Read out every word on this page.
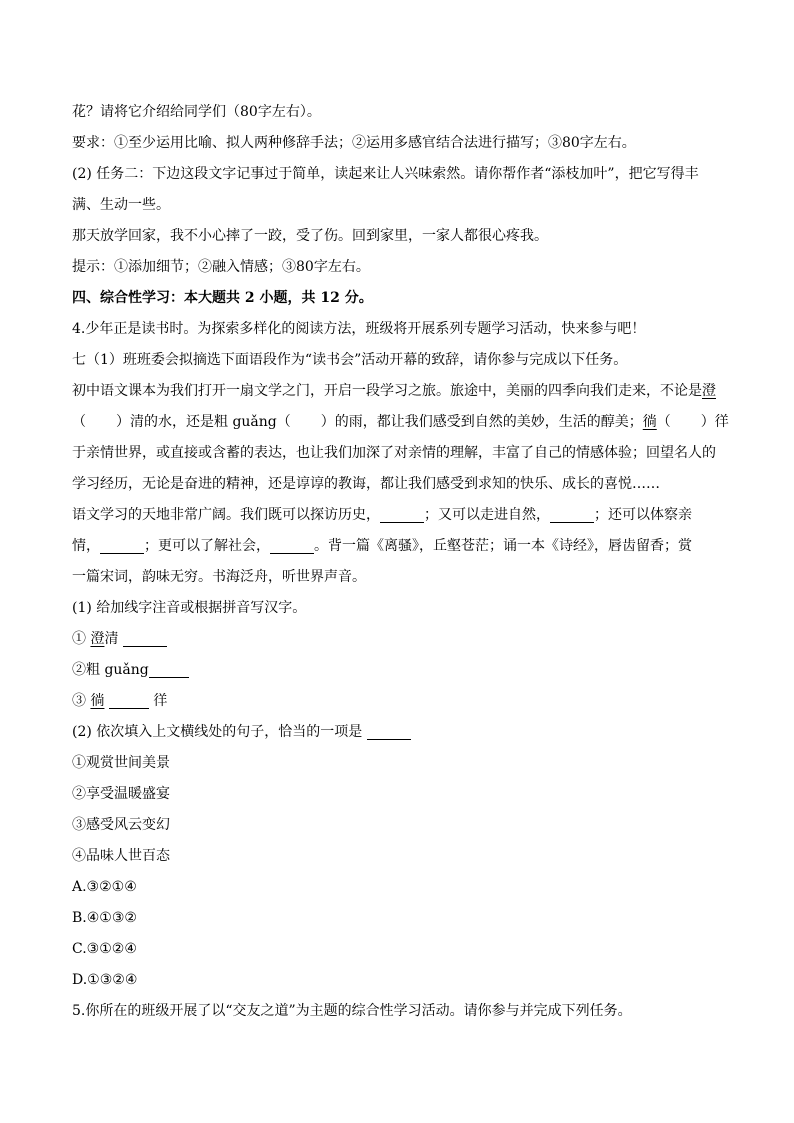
花？请将它介绍给同学们（80字左右）。
要求：①至少运用比喻、拟人两种修辞手法；②运用多感官结合法进行描写；③80字左右。
(2) 任务二：下边这段文字记事过于简单，读起来让人兴味索然。请你帮作者“添枝加叶”，把它写得丰
满、生动一些。
那天放学回家，我不小心摔了一跤，受了伤。回到家里，一家人都很心疼我。
提示：①添加细节；②融入情感；③80字左右。
四、综合性学习：本大题共 2 小题，共 12 分。
4.少年正是读书时。为探索多样化的阅读方法，班级将开展系列专题学习活动，快来参与吧！
七（1）班班委会拟摘选下面语段作为“读书会”活动开幕的致辞，请你参与完成以下任务。
初中语文课本为我们打开一扇文学之门，开启一段学习之旅。旅途中，美丽的四季向我们走来，不论是澄
（ ）清的水，还是粗 guǎng（ ）的雨，都让我们感受到自然的美妙，生活的醇美；徜（ ）徉
于亲情世界，或直接或含蓄的表达，也让我们加深了对亲情的理解，丰富了自己的情感体验；回望名人的
学习经历，无论是奋进的精神，还是谆谆的教诲，都让我们感受到求知的快乐、成长的喜悦……
语文学习的天地非常广阔。我们既可以探访历史，	；又可以走进自然，	；还可以体察亲
情，	；更可以了解社会，	。背一篇《离骚》，丘壑苍茫；诵一本《诗经》，唇齿留香；赏
一篇宋词，韵味无穷。书海泛舟，听世界声音。
(1) 给加线字注音或根据拼音写汉字。
① 澄清
②粗 guǎng
③ 徜	徉
(2) 依次填入上文横线处的句子，恰当的一项是
①观赏世间美景
②享受温暖盛宴
③感受风云变幻
④品味人世百态
A.③②①④
B.④①③②
C.③①②④
D.①③②④
5.你所在的班级开展了以“交友之道”为主题的综合性学习活动。请你参与并完成下列任务。
